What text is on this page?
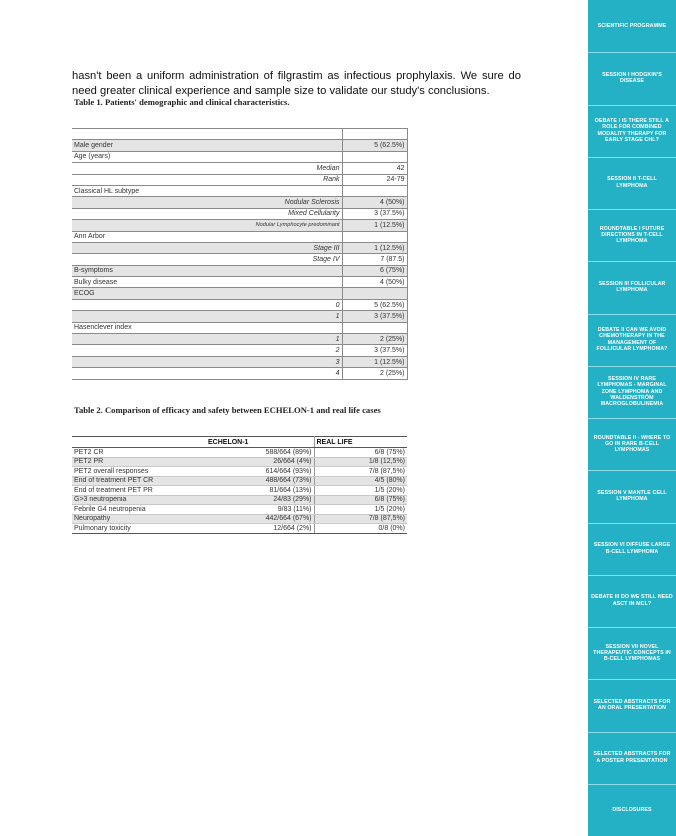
hasn't been a uniform administration of filgrastim as infectious prophylaxis. We sure do need greater clinical experience and sample size to validate our study's conclusions.

Table 1. Patients' demographic and clinical characteristics.

Male gender	5 (62.5%)
Age (years)	
Median	42
Rank	24-79
Classical HL subtype	
Nodular Sclerosis	4 (50%)
Mixed Cellularity	3 (37.5%)
Nodular Lymphocyte predominant	1 (12.5%)
Ann Arbor	
Stage III	1 (12.5%)
Stage IV	7 (87.5)
B-symptoms	6 (75%)
Bulky disease	4 (50%)
ECOG	
0	5 (62.5%)
1	3 (37.5%)
Hasenclever index	
1	2 (25%)
2	3 (37.5%)
3	1 (12.5%)
4	2 (25%)
Table 2. Comparison of efficacy and safety between ECHELON-1 and real life cases
	ECHELON-1	REAL LIFE
PET2 CR	588/664 (89%)	6/8 (75%)
PET2 PR	26/664 (4%)	1/8 (12,5%)
PET2 overall responses	614/664 (93%)	7/8 (87,5%)
End of treatment PET CR	488/664 (73%)	4/5 (80%)
End of treatment PET PR	81/664 (13%)	1/5 (20%)
G>3 neutropenia	24/83 (29%)	6/8 (75%)
Febrile G4 neutropenia	9/83 (11%)	1/5 (20%)
Neuropathy	442/664 (67%)	7/8 (87,5%)
Pulmonary toxicity	12/664 (2%)	0/8 (0%)
SCIENTIFIC PROGRAMME
SESSION I HODGKIN'S DISEASE
DEBATE I IS THERE STILL A ROLE FOR COMBINED MODALITY THERAPY FOR EARLY STAGE CHL?
SESSION II T-CELL LYMPHOMA
ROUNDTABLE I FUTURE DIRECTIONS IN T-CELL LYMPHOMA
SESSION III FOLLICULAR LYMPHOMA
DEBATE II CAN WE AVOID CHEMOTHERAPY IN THE MANAGEMENT OF FOLLICULAR LYMPHOMA?
SESSION IV RARE LYMPHOMAS - MARGINAL ZONE LYMPHOMA AND WALDENSTRÖM MACROGLOBULINEMIA
ROUNDTABLE II - WHERE TO GO IN RARE B-CELL LYMPHOMAS
SESSION V MANTLE CELL LYMPHOMA
SESSION VI DIFFUSE LARGE B-CELL LYMPHOMA
DEBATE III DO WE STILL NEED ASCT IN MCL?
SESSION VII NOVEL THERAPEUTIC CONCEPTS IN B-CELL LYMPHOMAS
SELECTED ABSTRACTS FOR AN ORAL PRESENTATION
SELECTED ABSTRACTS FOR A POSTER PRESENTATION
DISCLOSURES
